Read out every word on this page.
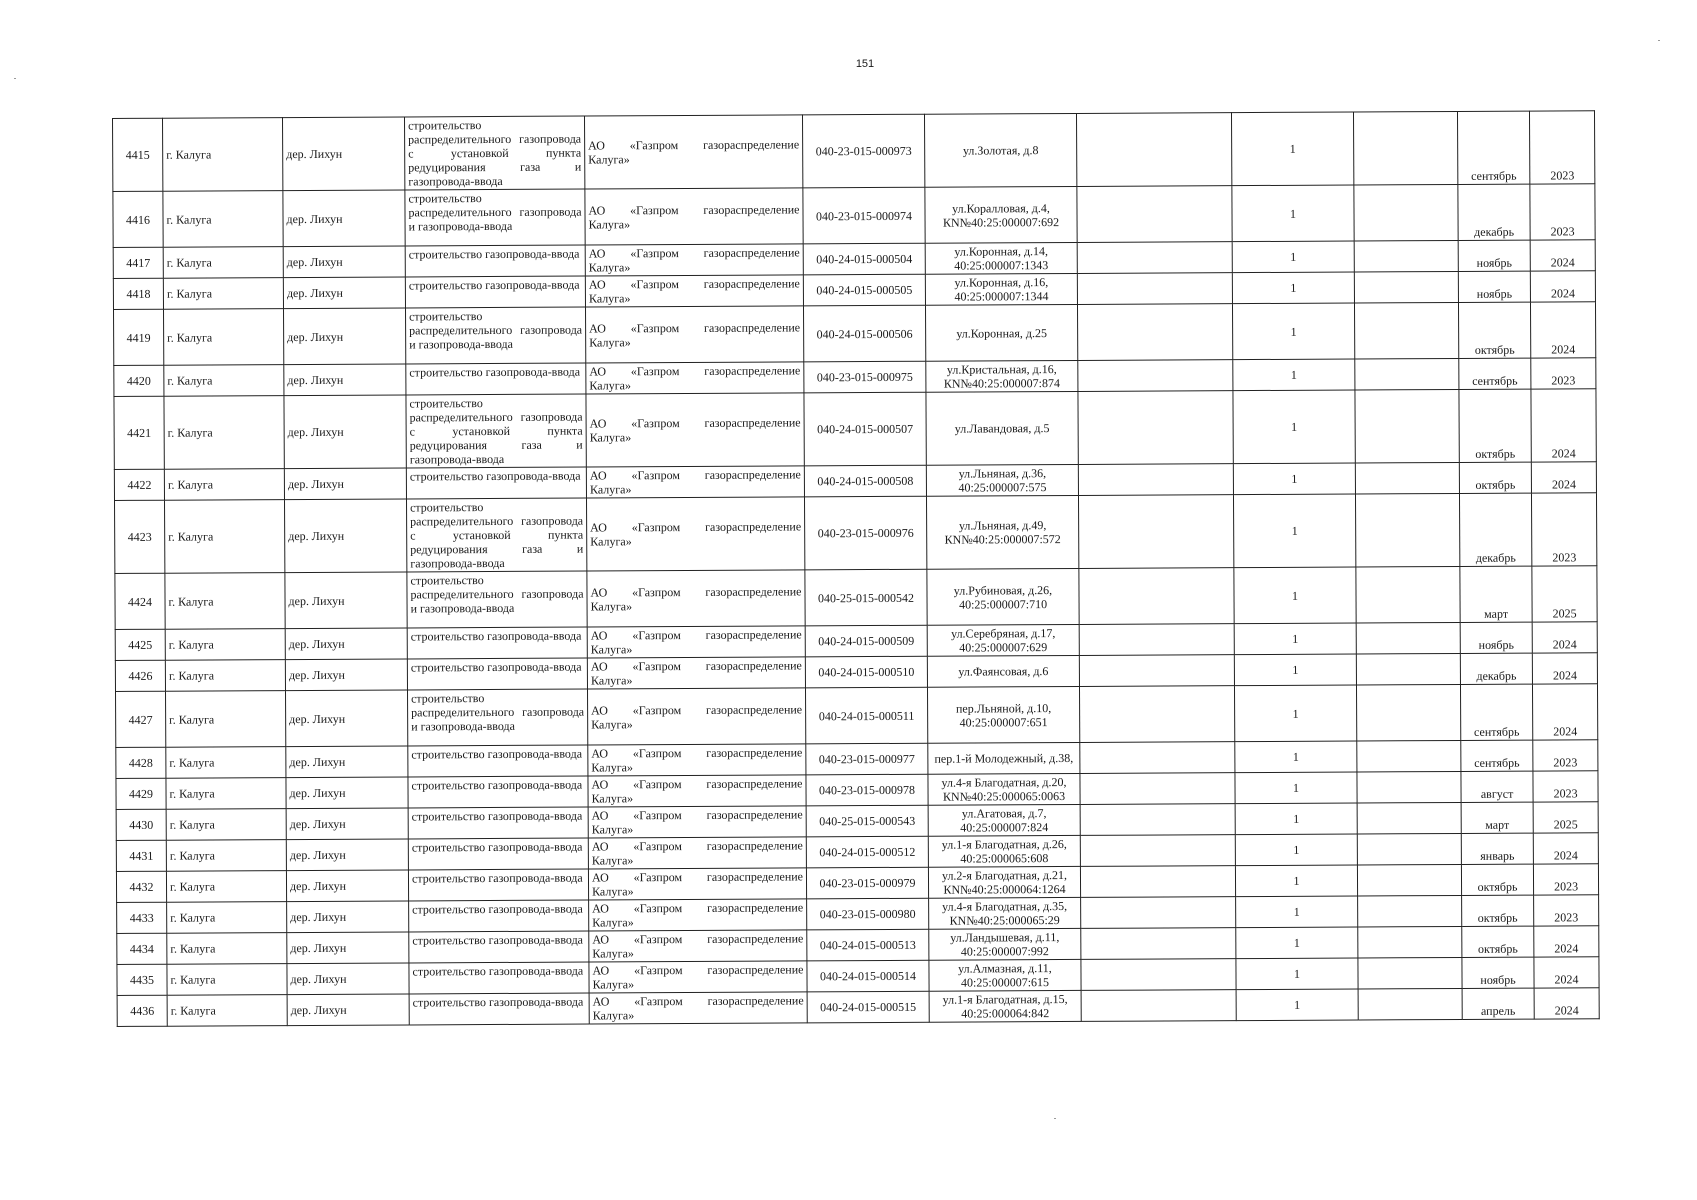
151
4415	г. Калуга	дер. Лихун	строительство распределительного газопровода с установкой пункта редуцирования газа и газопровода-ввода	АО «Газпром газораспределение Калуга»	040-23-015-000973	ул.Золотая, д.8		1		сентябрь	2023
4416	г. Калуга	дер. Лихун	строительство распределительного газопровода и газопровода-ввода	АО «Газпром газораспределение Калуга»	040-23-015-000974	ул.Коралловая, д.4, КN№40:25:000007:692		1		декабрь	2023
4417	г. Калуга	дер. Лихун	строительство газопровода-ввода	АО «Газпром газораспределение Калуга»	040-24-015-000504	ул.Коронная, д.14, 40:25:000007:1343		1		ноябрь	2024
4418	г. Калуга	дер. Лихун	строительство газопровода-ввода	АО «Газпром газораспределение Калуга»	040-24-015-000505	ул.Коронная, д.16, 40:25:000007:1344		1		ноябрь	2024
4419	г. Калуга	дер. Лихун	строительство распределительного газопровода и газопровода-ввода	АО «Газпром газораспределение Калуга»	040-24-015-000506	ул.Коронная, д.25		1		октябрь	2024
4420	г. Калуга	дер. Лихун	строительство газопровода-ввода	АО «Газпром газораспределение Калуга»	040-23-015-000975	ул.Кристальная, д.16, КN№40:25:000007:874		1		сентябрь	2023
4421	г. Калуга	дер. Лихун	строительство распределительного газопровода с установкой пункта редуцирования газа и газопровода-ввода	АО «Газпром газораспределение Калуга»	040-24-015-000507	ул.Лавандовая, д.5		1		октябрь	2024
4422	г. Калуга	дер. Лихун	строительство газопровода-ввода	АО «Газпром газораспределение Калуга»	040-24-015-000508	ул.Льняная, д.36, 40:25:000007:575		1		октябрь	2024
4423	г. Калуга	дер. Лихун	строительство распределительного газопровода с установкой пункта редуцирования газа и газопровода-ввода	АО «Газпром газораспределение Калуга»	040-23-015-000976	ул.Льняная, д.49, КN№40:25:000007:572		1		декабрь	2023
4424	г. Калуга	дер. Лихун	строительство распределительного газопровода и газопровода-ввода	АО «Газпром газораспределение Калуга»	040-25-015-000542	ул.Рубиновая, д.26, 40:25:000007:710		1		март	2025
4425	г. Калуга	дер. Лихун	строительство газопровода-ввода	АО «Газпром газораспределение Калуга»	040-24-015-000509	ул.Серебряная, д.17, 40:25:000007:629		1		ноябрь	2024
4426	г. Калуга	дер. Лихун	строительство газопровода-ввода	АО «Газпром газораспределение Калуга»	040-24-015-000510	ул.Фаянсовая, д.6		1		декабрь	2024
4427	г. Калуга	дер. Лихун	строительство распределительного газопровода и газопровода-ввода	АО «Газпром газораспределение Калуга»	040-24-015-000511	пер.Льняной, д.10, 40:25:000007:651		1		сентябрь	2024
4428	г. Калуга	дер. Лихун	строительство газопровода-ввода	АО «Газпром газораспределение Калуга»	040-23-015-000977	пер.1-й Молодежный, д.38,		1		сентябрь	2023
4429	г. Калуга	дер. Лихун	строительство газопровода-ввода	АО «Газпром газораспределение Калуга»	040-23-015-000978	ул.4-я Благодатная, д.20, КN№40:25:000065:0063		1		август	2023
4430	г. Калуга	дер. Лихун	строительство газопровода-ввода	АО «Газпром газораспределение Калуга»	040-25-015-000543	ул.Агатовая, д.7, 40:25:000007:824		1		март	2025
4431	г. Калуга	дер. Лихун	строительство газопровода-ввода	АО «Газпром газораспределение Калуга»	040-24-015-000512	ул.1-я Благодатная, д.26, 40:25:000065:608		1		январь	2024
4432	г. Калуга	дер. Лихун	строительство газопровода-ввода	АО «Газпром газораспределение Калуга»	040-23-015-000979	ул.2-я Благодатная, д.21, КN№40:25:000064:1264		1		октябрь	2023
4433	г. Калуга	дер. Лихун	строительство газопровода-ввода	АО «Газпром газораспределение Калуга»	040-23-015-000980	ул.4-я Благодатная, д.35, КN№40:25:000065:29		1		октябрь	2023
4434	г. Калуга	дер. Лихун	строительство газопровода-ввода	АО «Газпром газораспределение Калуга»	040-24-015-000513	ул.Ландышевая, д.11, 40:25:000007:992		1		октябрь	2024
4435	г. Калуга	дер. Лихун	строительство газопровода-ввода	АО «Газпром газораспределение Калуга»	040-24-015-000514	ул.Алмазная, д.11, 40:25:000007:615		1		ноябрь	2024
4436	г. Калуга	дер. Лихун	строительство газопровода-ввода	АО «Газпром газораспределение Калуга»	040-24-015-000515	ул.1-я Благодатная, д.15, 40:25:000064:842		1		апрель	2024
